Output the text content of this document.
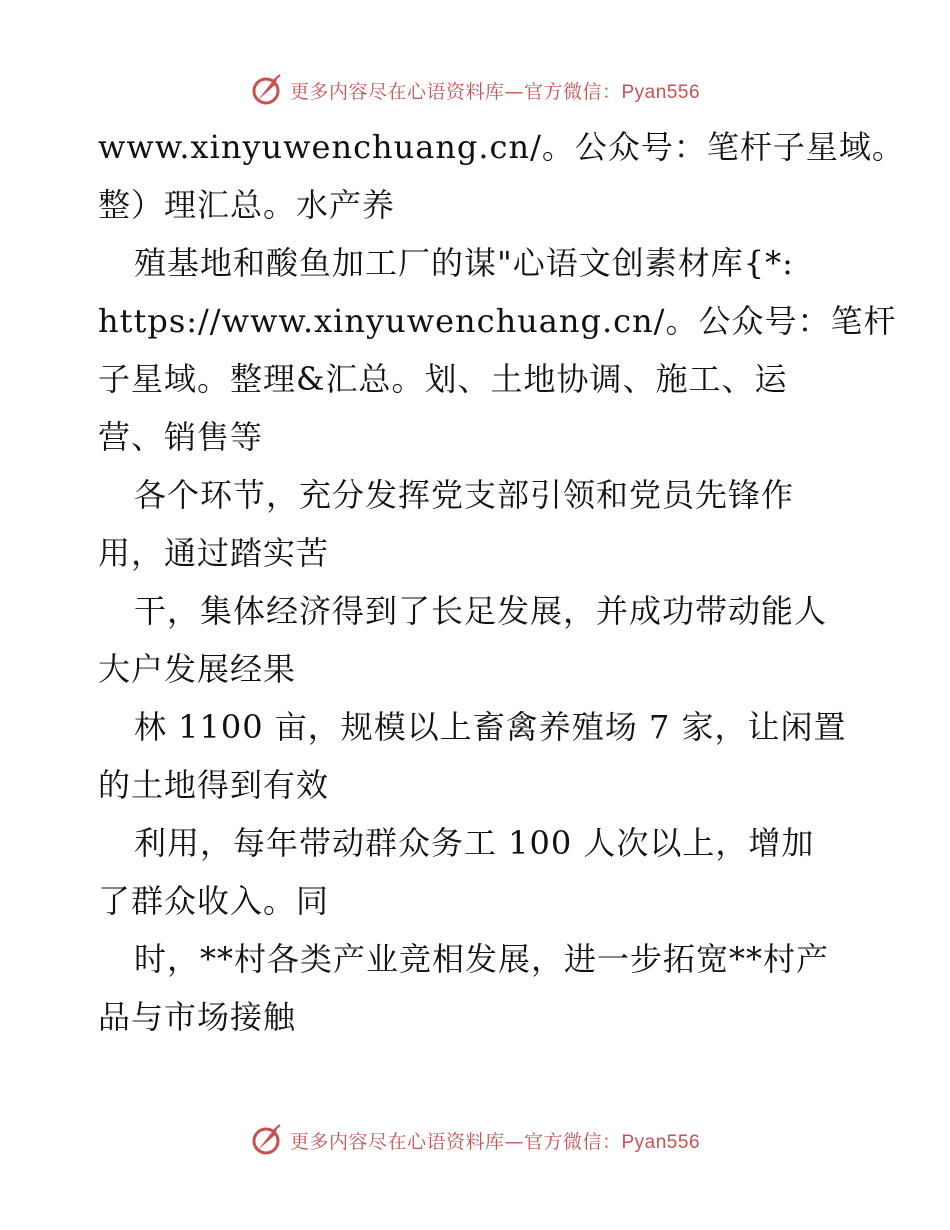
更多内容尽在心语资料库—官方微信：Pyan556
www.xinyuwenchuang.cn/。公众号：笔杆子星域。
整）理汇总。水产养
殖基地和酸鱼加工厂的谋"心语文创素材库{*:
https://www.xinyuwenchuang.cn/。公众号：笔杆
子星域。整理&汇总。划、土地协调、施工、运
营、销售等
各个环节，充分发挥党支部引领和党员先锋作
用，通过踏实苦
干，集体经济得到了长足发展，并成功带动能人
大户发展经果
林 1100 亩，规模以上畜禽养殖场 7 家，让闲置
的土地得到有效
利用，每年带动群众务工 100 人次以上，增加
了群众收入。同
时，**村各类产业竞相发展，进一步拓宽**村产
品与市场接触
更多内容尽在心语资料库—官方微信：Pyan556
